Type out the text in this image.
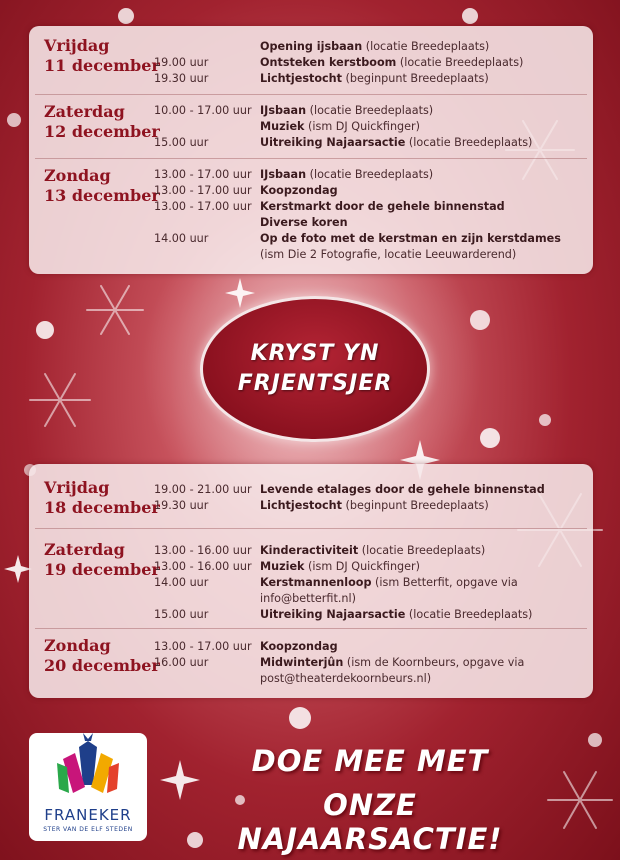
Vrijdag
11 december
Opening ijsbaan (locatie Breedeplaats)
19.00 uur	Ontsteken kerstboom (locatie Breedeplaats)
19.30 uur	Lichtjestocht (beginpunt Breedeplaats)
Zaterdag
12 december
10.00 - 17.00 uur IJsbaan (locatie Breedeplaats)
Muziek (ism DJ Quickfinger)
15.00 uur	Uitreiking Najaarsactie (locatie Breedeplaats)
Zondag
13 december
13.00 - 17.00 uur IJsbaan (locatie Breedeplaats)
13.00 - 17.00 uur Koopzondag
13.00 - 17.00 uur Kerstmarkt door de gehele binnenstad
Diverse koren
14.00 uur	Op de foto met de kerstman en zijn kerstdames
(ism Die 2 Fotografie, locatie Leeuwarderend)
KRYST YN
FRJENTSJER
Vrijdag
18 december
19.00 - 21.00 uur Levende etalages door de gehele binnenstad
19.30 uur	Lichtjestocht (beginpunt Breedeplaats)
Zaterdag
19 december
13.00 - 16.00 uur Kinderactiviteit (locatie Breedeplaats)
13.00 - 16.00 uur Muziek (ism DJ Quickfinger)
14.00 uur	Kerstmannenloop (ism Betterfit, opgave via
info@betterfit.nl)
15.00 uur	Uitreiking Najaarsactie (locatie Breedeplaats)
Zondag
20 december
13.00 - 17.00 uur Koopzondag
16.00 uur	Midwinterjûn (ism de Koornbeurs, opgave via
post@theaterdekoornbeurs.nl)
FRANEKER
STER VAN DE ELF STEDEN
DOE MEE MET
ONZE NAJAARSACTIE!
